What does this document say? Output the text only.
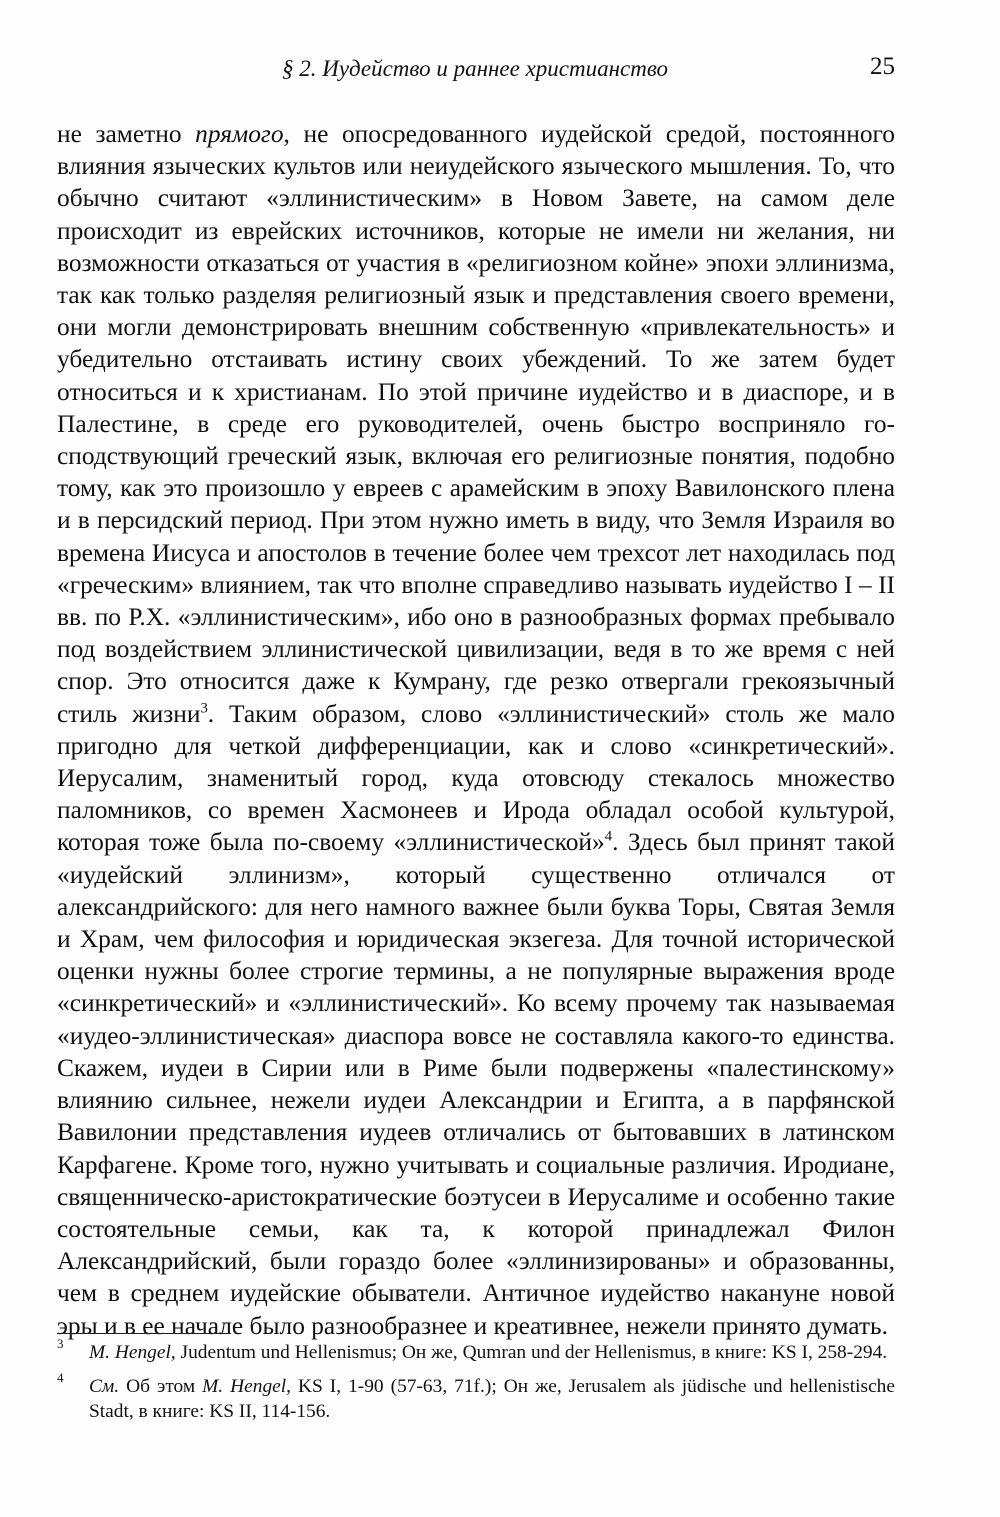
§ 2. Иудейство и раннее христианство	25

не заметно прямого, не опосредованного иудейской средой, постоянного влияния языческих культов или неиудейского языческого мышления. То, что обычно считают «эллинистическим» в Новом Завете, на самом деле происходит из еврейских источников, которые не имели ни желания, ни возможности отказаться от участия в «религиозном койне» эпохи эллинизма, так как только разделяя религиозный язык и представления своего времени, они могли демонстрировать внешним собственную «привлекательность» и убедительно отстаивать истину своих убеждений. То же затем будет относиться и к христианам. По этой причине иудейство и в диаспоре, и в Палестине, в среде его руководителей, очень быстро восприняло господствующий греческий язык, включая его религиозные понятия, подобно тому, как это произошло у евреев с арамейским в эпоху Вавилонского плена и в персидский период. При этом нужно иметь в виду, что Земля Израиля во времена Иисуса и апостолов в течение более чем трехсот лет находилась под «греческим» влиянием, так что вполне справедливо называть иудейство I – II вв. по Р.Х. «эллинистическим», ибо оно в разнообразных формах пребывало под воздействием эллинистической цивилизации, ведя в то же время с ней спор. Это относится даже к Кумрану, где резко отвергали грекоязычный стиль жизни$^3$. Таким образом, слово «эллинистический» столь же мало пригодно для четкой дифференциации, как и слово «синкретический». Иерусалим, знаменитый город, куда отовсюду стекалось множество паломников, со времен Хасмонеев и Ирода обладал особой культурой, которая тоже была по-своему «эллинистической»$^4$. Здесь был принят такой «иудейский эллинизм», который существенно отличался от александрийского: для него намного важнее были буква Торы, Святая Земля и Храм, чем философия и юридическая экзегеза. Для точной исторической оценки нужны более строгие термины, а не популярные выражения вроде «синкретический» и «эллинистический». Ко всему прочему так называемая «иудео-эллинистическая» диаспора вовсе не составляла какого-то единства. Скажем, иудеи в Сирии или в Риме были подвержены «палестинскому» влиянию сильнее, нежели иудеи Александрии и Египта, а в парфянской Вавилонии представления иудеев отличались от бытовавших в латинском Карфагене. Кроме того, нужно учитывать и социальные различия. Иродиане, священническо-аристократические боэтусеи в Иерусалиме и особенно такие состоятельные семьи, как та, к которой принадлежал Филон Александрийский, были гораздо более «эллинизированы» и образованны, чем в среднем иудейские обыватели. Античное иудейство накануне новой эры и в ее начале было разнообразнее и креативнее, нежели принято думать.

3 M. Hengel, Judentum und Hellenismus; Он же, Qumran und der Hellenismus, в книге: KS I, 258-294.

4 См. Об этом M. Hengel, KS I, 1-90 (57-63, 71f.); Он же, Jerusalem als jüdische und hellenistische Stadt, в книге: KS II, 114-156.
